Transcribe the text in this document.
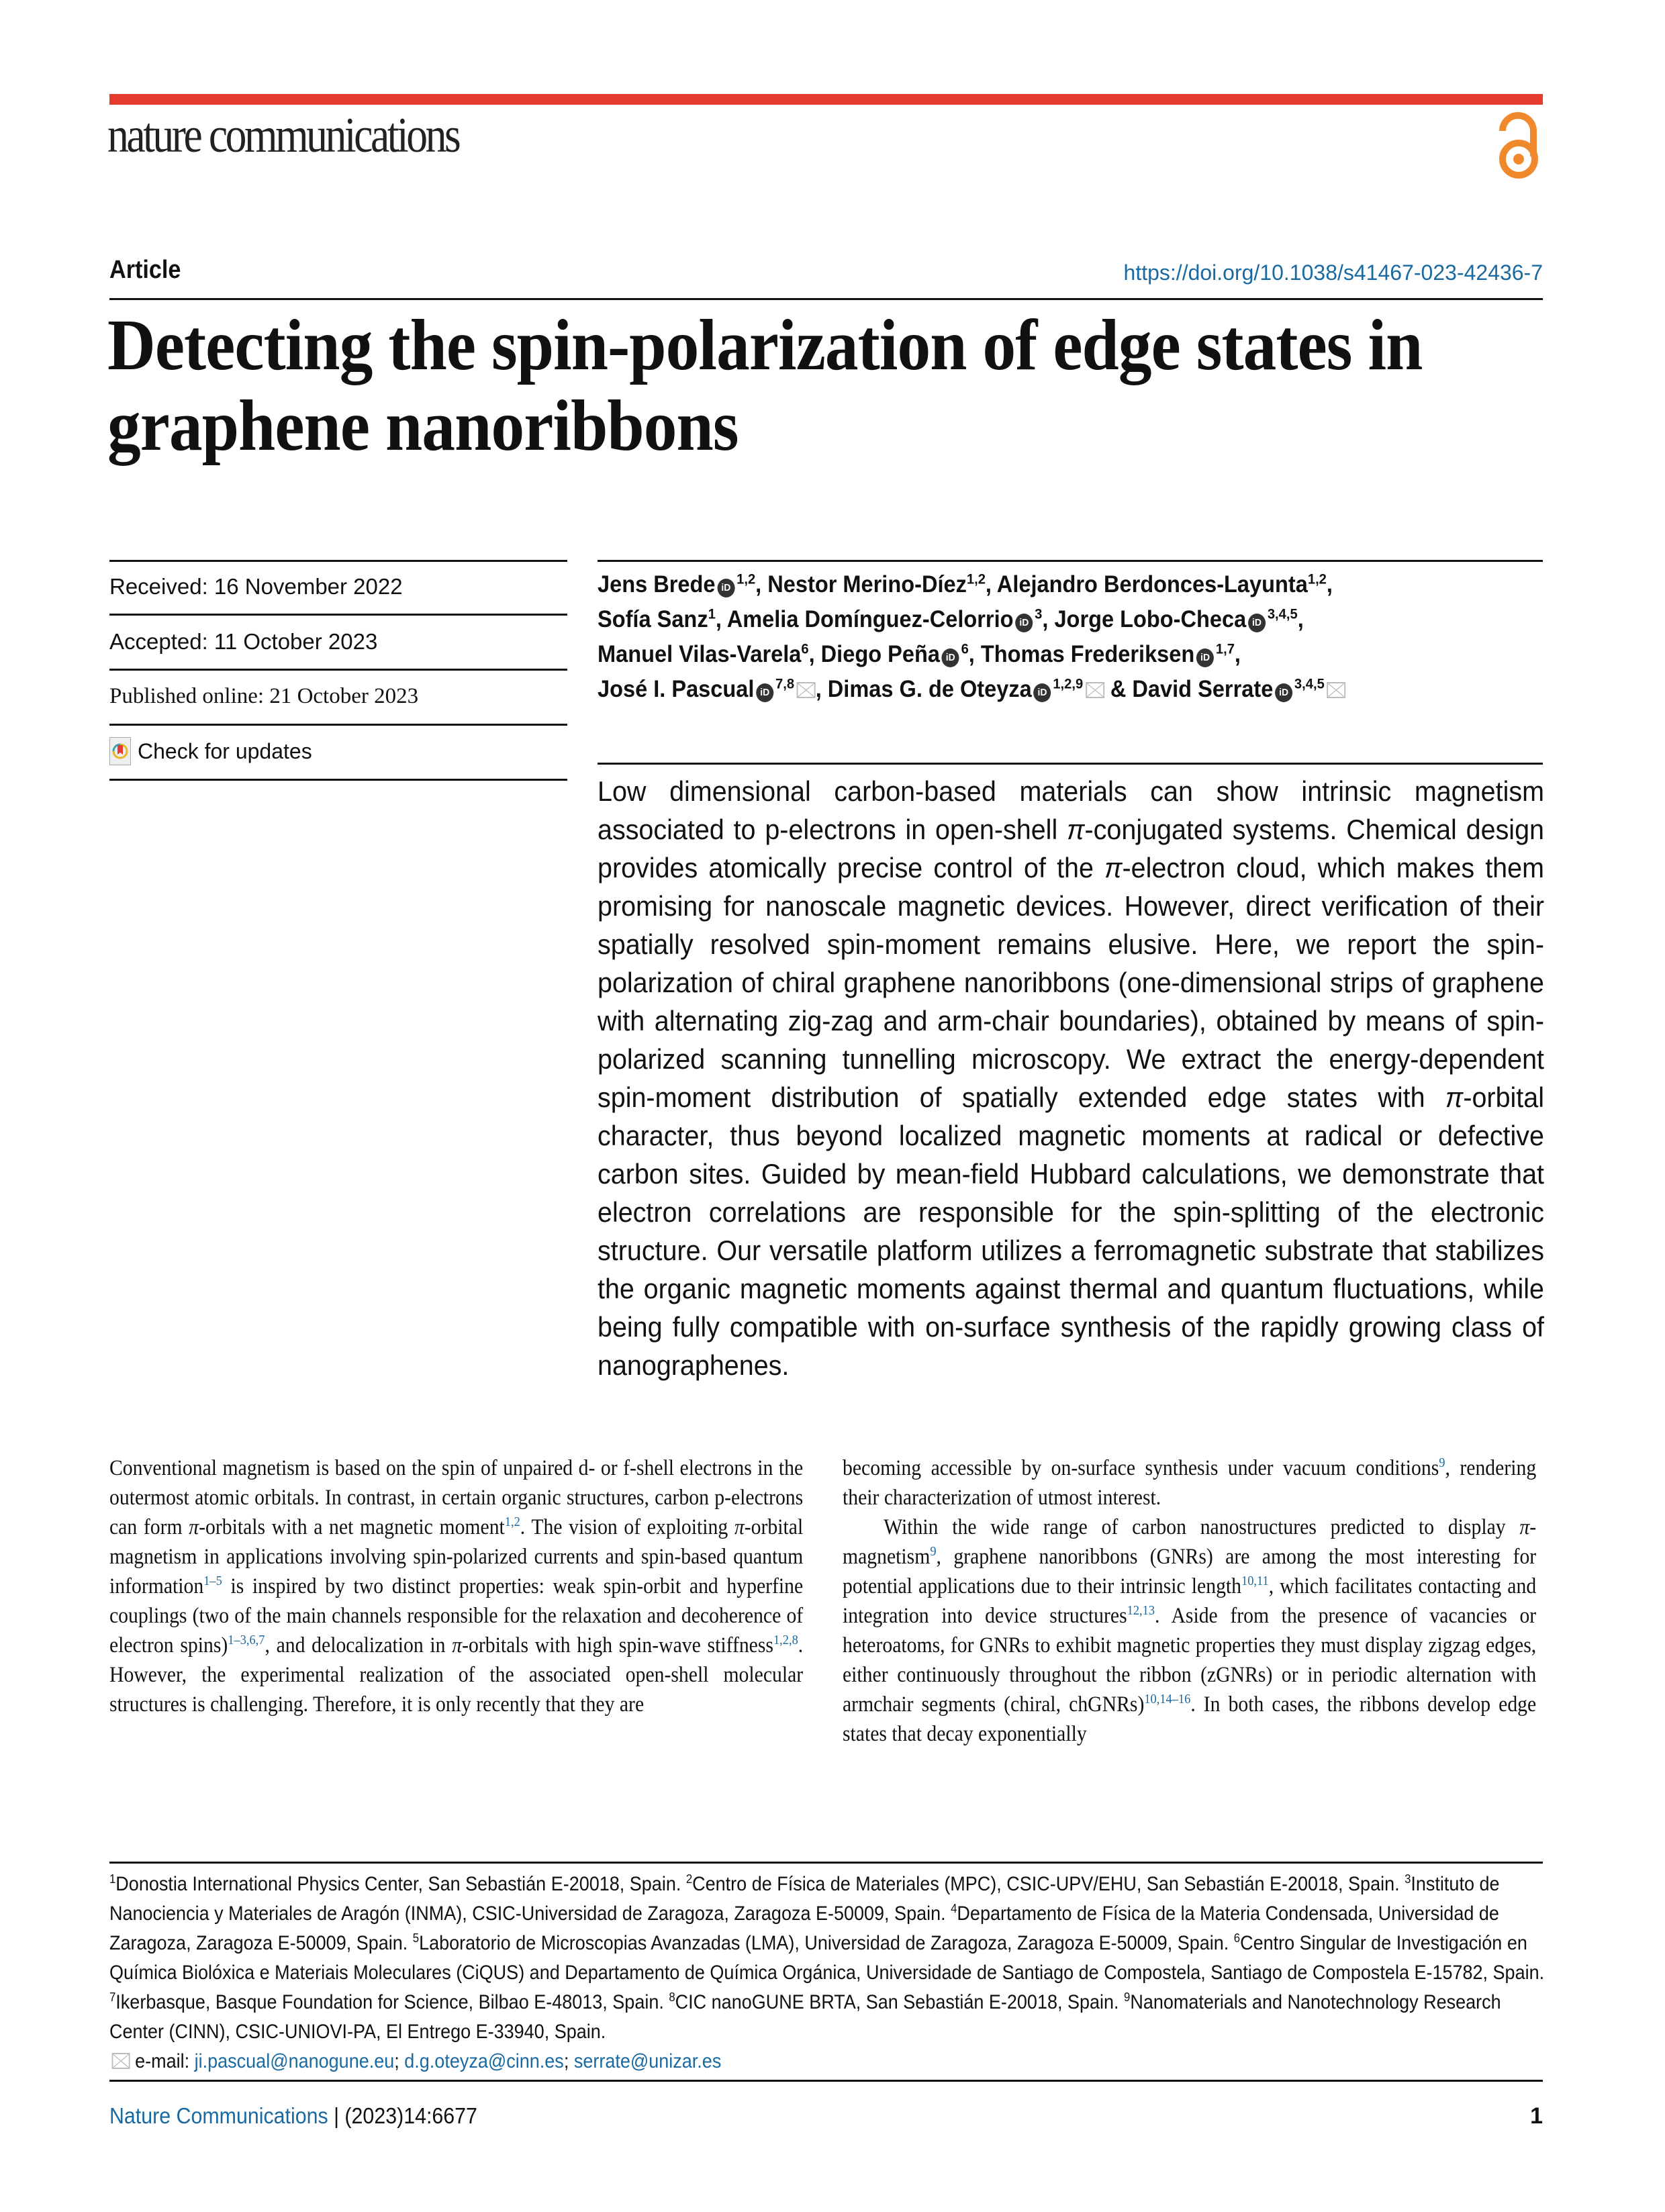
nature communications
Article	https://doi.org/10.1038/s41467-023-42436-7
Detecting the spin-polarization of edge states in graphene nanoribbons
Received: 16 November 2022
Accepted: 11 October 2023
Published online: 21 October 2023
Check for updates
Jens Brede iD$^{1,2}$, Nestor Merino-Díez$^{1,2}$, Alejandro Berdonces-Layunta$^{1,2}$,
Sofía Sanz$^1$, Amelia Domínguez-Celorrio $iD^3$, Jorge Lobo-Checa iD$^{3,4,5}$,
Manuel Vilas-Varela$^6$, Diego Peña $iD^6$, Thomas Frederiksen iD$^{1,7}$,
José I. Pascual iD$^{7,8}$ , Dimas G. de Oteyza iD$^{1,2,9}$ & David Serrate iD$^{3,4,5}$

Low dimensional carbon-based materials can show intrinsic magnetism associated to p-electrons in open-shell π-conjugated systems. Chemical design provides atomically precise control of the π-electron cloud, which makes them promising for nanoscale magnetic devices. However, direct verification of their spatially resolved spin-moment remains elusive. Here, we report the spin-polarization of chiral graphene nanoribbons (one-dimensional strips of graphene with alternating zig-zag and arm-chair boundaries), obtained by means of spin-polarized scanning tunnelling microscopy. We extract the energy-dependent spin-moment distribution of spatially extended edge states with π-orbital character, thus beyond localized magnetic moments at radical or defective carbon sites. Guided by mean-field Hubbard calculations, we demonstrate that electron correlations are responsible for the spin-splitting of the electronic structure. Our versatile platform utilizes a ferromagnetic substrate that stabilizes the organic magnetic moments against thermal and quantum fluctuations, while being fully compatible with on-surface synthesis of the rapidly growing class of nanographenes.

Conventional magnetism is based on the spin of unpaired d- or f-shell electrons in the outermost atomic orbitals. In contrast, in certain organic structures, carbon p-electrons can form π-orbitals with a net magnetic moment$^{1,2}$. The vision of exploiting π-orbital magnetism in applications involving spin-polarized currents and spin-based quantum information$^{1-5}$ is inspired by two distinct properties: weak spin-orbit and hyperfine couplings (two of the main channels responsible for the relaxation and decoherence of electron spins)$^{1-3,6,7}$, and delocalization in π-orbitals with high spin-wave stiffness$^{1,2,8}$. However, the experimental realization of the associated open-shell molecular structures is challenging. Therefore, it is only recently that they are
becoming accessible by on-surface synthesis under vacuum conditions$^9$, rendering their characterization of utmost interest.
Within the wide range of carbon nanostructures predicted to display π-magnetism$^9$, graphene nanoribbons (GNRs) are among the most interesting for potential applications due to their intrinsic length$^{10,11}$, which facilitates contacting and integration into device structures$^{12,13}$. Aside from the presence of vacancies or heteroatoms, for GNRs to exhibit magnetic properties they must display zigzag edges, either continuously throughout the ribbon (zGNRs) or in periodic alternation with armchair segments (chiral, chGNRs)$^{10,14-16}$. In both cases, the ribbons develop edge states that decay exponentially
$^1$Donostia International Physics Center, San Sebastián E-20018, Spain. $^2$Centro de Física de Materiales (MPC), CSIC-UPV/EHU, San Sebastián E-20018, Spain. $^3$Instituto de Nanociencia y Materiales de Aragón (INMA), CSIC-Universidad de Zaragoza, Zaragoza E-50009, Spain. $^4$Departamento de Física de la Materia Condensada, Universidad de Zaragoza, Zaragoza E-50009, Spain. $^5$Laboratorio de Microscopias Avanzadas (LMA), Universidad de Zaragoza, Zaragoza E-50009, Spain. $^6$Centro Singular de Investigación en Química Biolóxica e Materiais Moleculares (CiQUS) and Departamento de Química Orgánica, Universidade de Santiago de Compostela, Santiago de Compostela E-15782, Spain. $^7$Ikerbasque, Basque Foundation for Science, Bilbao E-48013, Spain. $^8$CIC nanoGUNE BRTA, San Sebastián E-20018, Spain. $^9$Nanomaterials and Nanotechnology Research Center (CINN), CSIC-UNIOVI-PA, El Entrego E-33940, Spain.
e-mail: ji.pascual@nanogune.eu; d.g.oteyza@cinn.es; serrate@unizar.es
Nature Communications | (2023)14:6677	1
